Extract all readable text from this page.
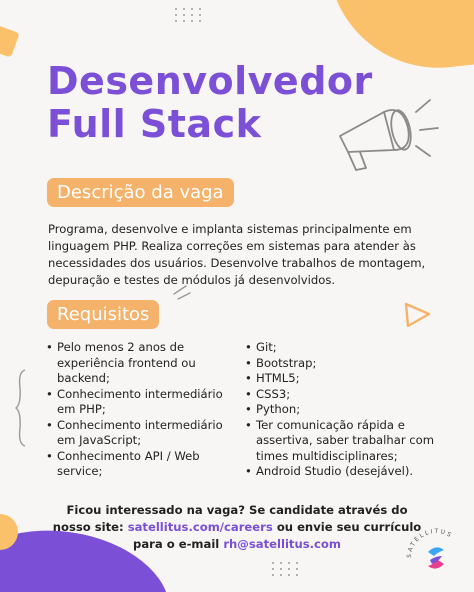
Desenvolvedor
Full Stack
Descrição da vaga

Programa, desenvolve e implanta sistemas principalmente em linguagem PHP. Realiza correções em sistemas para atender às necessidades dos usuários. Desenvolve trabalhos de montagem, depuração e testes de módulos já desenvolvidos.

Requisitos
• Pelo menos 2 anos de experiência frontend ou backend;
• Conhecimento intermediário em PHP;
• Conhecimento intermediário em JavaScript;
• Conhecimento API / Web service;
• Git;
• Bootstrap;
• HTML5;
• CSS3;
• Python;
• Ter comunicação rápida e assertiva, saber trabalhar com times multidisciplinares;
• Android Studio (desejável).
Ficou interessado na vaga? Se candidate através do
nosso site: satellitus.com/careers ou envie seu currículo
para o e-mail rh@satellitus.com
SATELLITUS
